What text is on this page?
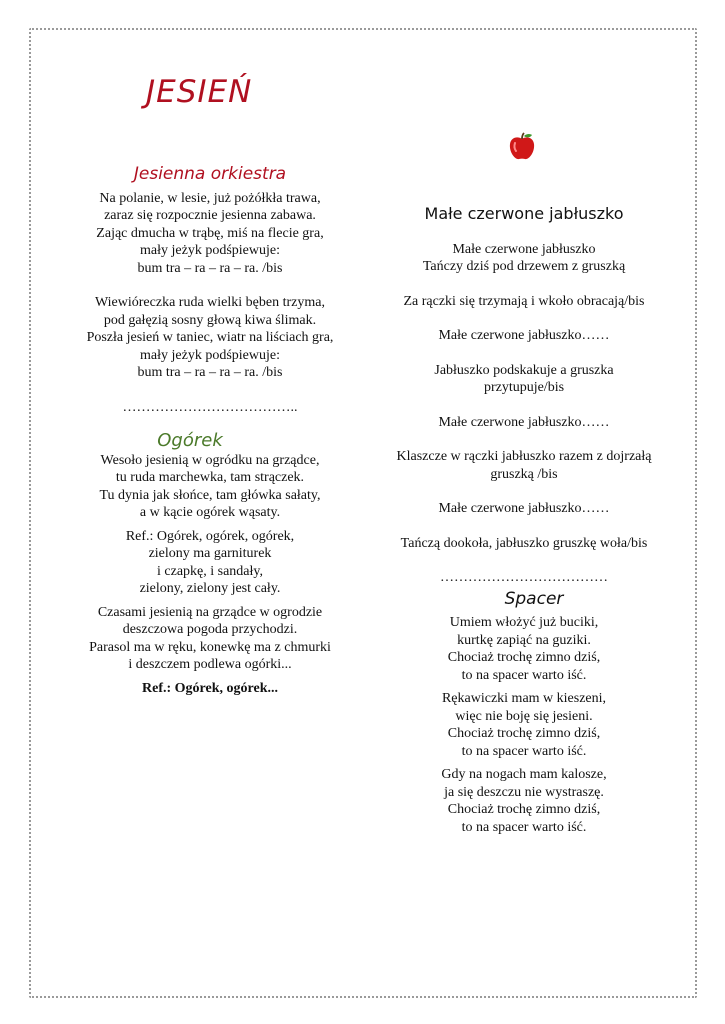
JESIEŃ
Jesienna orkiestra

Na polanie, w lesie, już pożółkła trawa,
zaraz się rozpocznie jesienna zabawa.
Zając dmucha w trąbę, miś na flecie gra,
mały jeżyk podśpiewuje:
bum tra – ra – ra – ra. /bis

Wiewióreczka ruda wielki bęben trzyma,
pod gałęzią sosny głową kiwa ślimak.
Poszła jesień w taniec, wiatr na liściach gra,
mały jeżyk podśpiewuje:
bum tra – ra – ra – ra. /bis

………………………………..

Ogórek

Wesoło jesienią w ogródku na grządce,
tu ruda marchewka, tam strączek.
Tu dynia jak słońce, tam główka sałaty,
a w kącie ogórek wąsaty.

Ref.: Ogórek, ogórek, ogórek,
zielony ma garniturek
i czapkę, i sandały,
zielony, zielony jest cały.

Czasami jesienią na grządce w ogrodzie
deszczowa pogoda przychodzi.
Parasol ma w ręku, konewkę ma z chmurki
i deszczem podlewa ogórki...

Ref.: Ogórek, ogórek...

Małe czerwone jabłuszko

Małe czerwone jabłuszko
Tańczy dziś pod drzewem z gruszką

Za rączki się trzymają i wkoło obracają/bis

Małe czerwone jabłuszko……

Jabłuszko podskakuje a gruszka
przytupuje/bis

Małe czerwone jabłuszko……

Klaszcze w rączki jabłuszko razem z dojrzałą
gruszką /bis

Małe czerwone jabłuszko……

Tańczą dookoła, jabłuszko gruszkę woła/bis

………………………………

Spacer

Umiem włożyć już buciki,
kurtkę zapiąć na guziki.
Chociaż trochę zimno dziś,
to na spacer warto iść.

Rękawiczki mam w kieszeni,
więc nie boję się jesieni.
Chociaż trochę zimno dziś,
to na spacer warto iść.

Gdy na nogach mam kalosze,
ja się deszczu nie wystraszę.
Chociaż trochę zimno dziś,
to na spacer warto iść.
